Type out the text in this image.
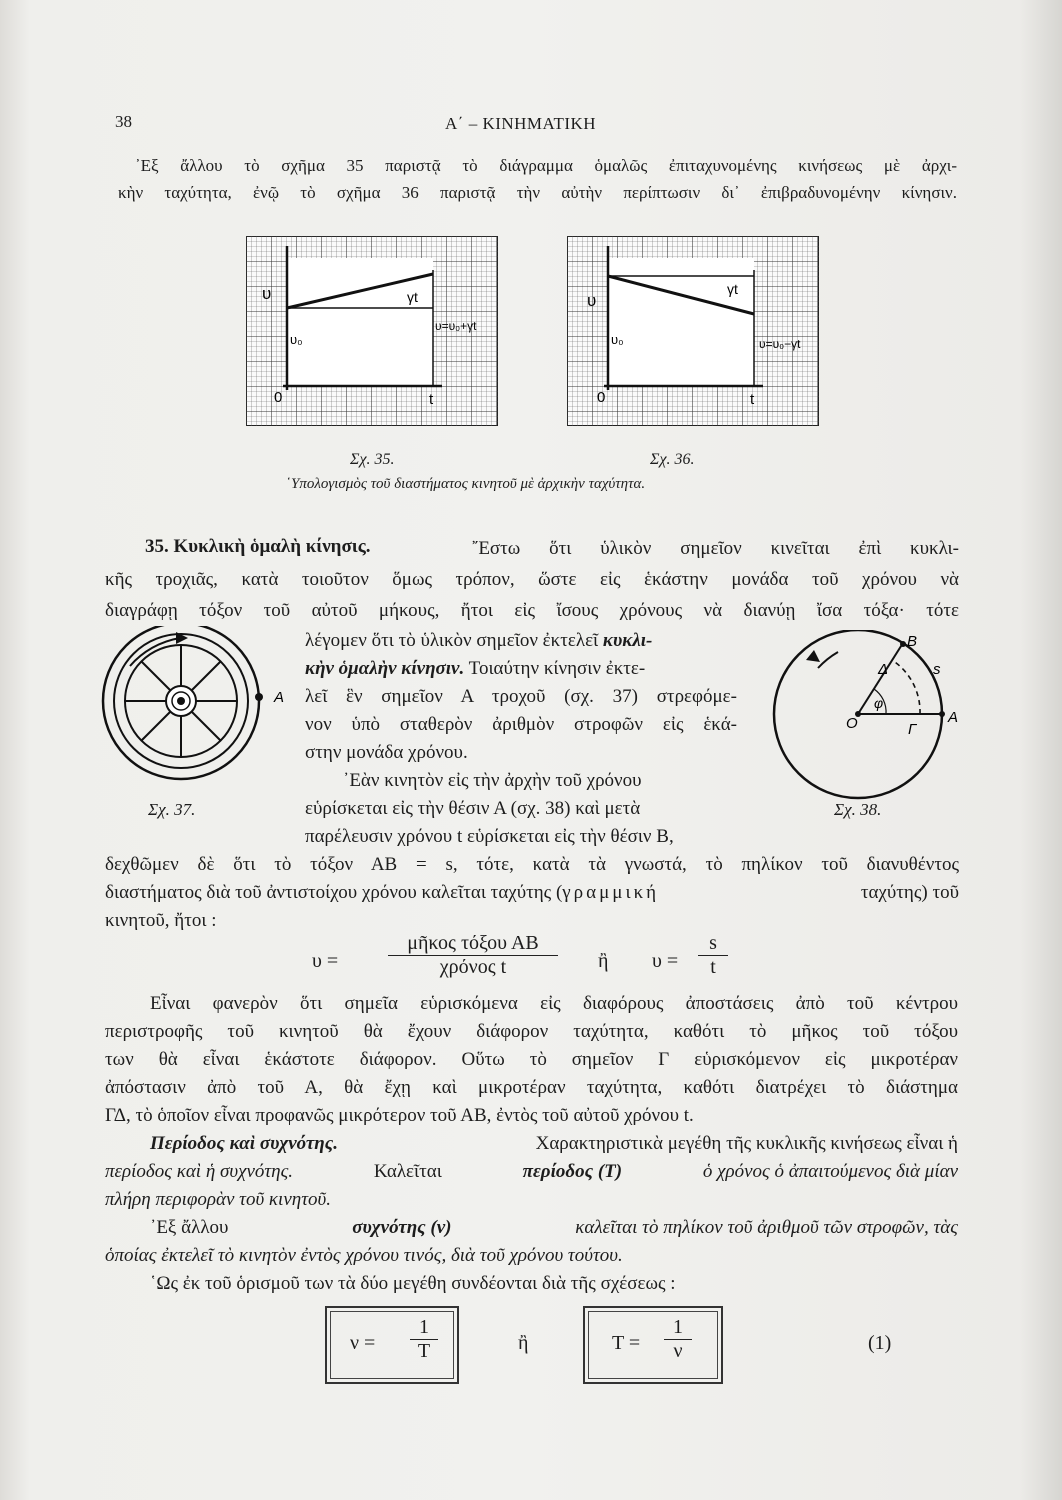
38	Α΄ – ΚΙΝΗΜΑΤΙΚΗ
᾿Εξ ἄλλου τὸ σχῆμα 35 παριστᾷ τὸ διάγραμμα ὁμαλῶς ἐπιταχυνομένης κινήσεως μὲ ἀρχι-
κὴν ταχύτητα, ἐνῷ τὸ σχῆμα 36 παριστᾷ τὴν αὐτὴν περίπτωσιν δι᾽ ἐπιβραδυνομένην κίνησιν.
υ
υ₀
γt
υ=υ₀+γt
0	t
υ
υ₀
γt
υ=υ₀−γt
0	t
Σχ. 35.	Σχ. 36.
῾Υπολογισμὸς τοῦ διαστήματος κινητοῦ μὲ ἀρχικὴν ταχύτητα.
35. Κυκλικὴ ὁμαλὴ κίνησις.	῎Εστω ὅτι ὑλικὸν σημεῖον κινεῖται ἐπὶ κυκλι-
κῆς τροχιᾶς, κατὰ τοιοῦτον ὅμως τρόπον, ὥστε εἰς ἑκάστην μονάδα τοῦ χρόνου νὰ
διαγράφῃ τόξον τοῦ αὐτοῦ μήκους, ἤτοι εἰς ἴσους χρόνους νὰ διανύῃ ἴσα τόξα· τότε
λέγομεν ὅτι τὸ ὑλικὸν σημεῖον ἐκτελεῖ κυκλι-
κὴν ὁμαλὴν κίνησιν. Τοιαύτην κίνησιν ἐκτε-
λεῖ ἓν σημεῖον Α τροχοῦ (σχ. 37) στρεφόμε-
νον ὑπὸ σταθερὸν ἀριθμὸν στροφῶν εἰς ἑκά-
στην μονάδα χρόνου.
᾿Εὰν κινητὸν εἰς τὴν ἀρχὴν τοῦ χρόνου
εὑρίσκεται εἰς τὴν θέσιν Α (σχ. 38) καὶ μετὰ
παρέλευσιν χρόνου t εὑρίσκεται εἰς τὴν θέσιν Β,
Α
Σχ. 37.
Β
s
Δ
φ
Ο	Γ
Α
Σχ. 38.
δεχθῶμεν δὲ ὅτι τὸ τόξον ΑΒ = s, τότε, κατὰ τὰ γνωστά, τὸ πηλίκον τοῦ διανυθέντος
διαστήματος διὰ τοῦ ἀντιστοίχου χρόνου καλεῖται ταχύτης (γραμμική	ταχύτης) τοῦ
κινητοῦ, ἤτοι :
υ =
μῆκος τόξου ΑΒ
χρόνος t	ἢ $\upsilon = \frac{s}{t}$
Εἶναι φανερὸν ὅτι σημεῖα εὑρισκόμενα εἰς διαφόρους ἀποστάσεις ἀπὸ τοῦ κέντρου
περιστροφῆς τοῦ κινητοῦ θὰ ἔχουν διάφορον ταχύτητα, καθότι τὸ μῆκος τοῦ τόξου
των θὰ εἶναι ἑκάστοτε διάφορον. Οὕτω τὸ σημεῖον Γ εὑρισκόμενον εἰς μικροτέραν
ἀπόστασιν ἀπὸ τοῦ Α, θὰ ἔχῃ καὶ μικροτέραν ταχύτητα, καθότι διατρέχει τὸ διάστημα
ΓΔ, τὸ ὁποῖον εἶναι προφανῶς μικρότερον τοῦ ΑΒ, ἐντὸς τοῦ αὐτοῦ χρόνου t.
Περίοδος καὶ συχνότης.	Χαρακτηριστικὰ μεγέθη τῆς κυκλικῆς κινήσεως εἶναι ἡ
περίοδος καὶ ἡ συχνότης.	Καλεῖται	περίοδος (Τ)	ὁ χρόνος ὁ ἀπαιτούμενος διὰ μίαν
πλήρη περιφορὰν τοῦ κινητοῦ.
᾿Εξ ἄλλου	συχνότης (ν)	καλεῖται τὸ πηλίκον τοῦ ἀριθμοῦ τῶν στροφῶν, τὰς
ὁποίας ἐκτελεῖ τὸ κινητὸν ἐντὸς χρόνου τινός, διὰ τοῦ χρόνου τούτου.
῾Ως ἐκ τοῦ ὁρισμοῦ των τὰ δύο μεγέθη συνδέονται διὰ τῆς σχέσεως :
$\nu = \frac{1}{T}$	ἢ	$T = \frac{1}{\nu}$	(1)
